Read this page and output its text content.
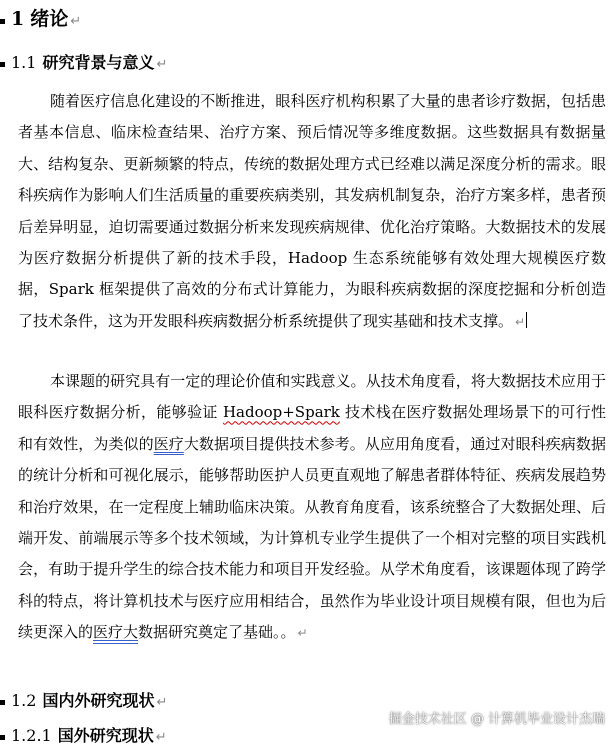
1 绪论 ↵
1.1 研究背景与意义 ↵

随着医疗信息化建设的不断推进，眼科医疗机构积累了大量的患者诊疗数据，包括患者基本信息、临床检查结果、治疗方案、预后情况等多维度数据。这些数据具有数据量大、结构复杂、更新频繁的特点，传统的数据处理方式已经难以满足深度分析的需求。眼科疾病作为影响人们生活质量的重要疾病类别，其发病机制复杂，治疗方案多样，患者预后差异明显，迫切需要通过数据分析来发现疾病规律、优化治疗策略。大数据技术的发展为医疗数据分析提供了新的技术手段，Hadoop 生态系统能够有效处理大规模医疗数据，Spark 框架提供了高效的分布式计算能力，为眼科疾病数据的深度挖掘和分析创造了技术条件，这为开发眼科疾病数据分析系统提供了现实基础和技术支撑。 ↵

本课题的研究具有一定的理论价值和实践意义。从技术角度看，将大数据技术应用于眼科医疗数据分析，能够验证 Hadoop+Spark 技术栈在医疗数据处理场景下的可行性和有效性，为类似的医疗大数据项目提供技术参考。从应用角度看，通过对眼科疾病数据的统计分析和可视化展示，能够帮助医护人员更直观地了解患者群体特征、疾病发展趋势和治疗效果，在一定程度上辅助临床决策。从教育角度看，该系统整合了大数据处理、后端开发、前端展示等多个技术领域，为计算机专业学生提供了一个相对完整的项目实践机会，有助于提升学生的综合技术能力和项目开发经验。从学术角度看，该课题体现了跨学科的特点，将计算机技术与医疗应用相结合，虽然作为毕业设计项目规模有限，但也为后续更深入的医疗大数据研究奠定了基础。。 ↵

1.2 国内外研究现状 ↵
1.2.1 国外研究现状 ↵
掘金技术社区 @ 计算机毕业设计杰瑞
